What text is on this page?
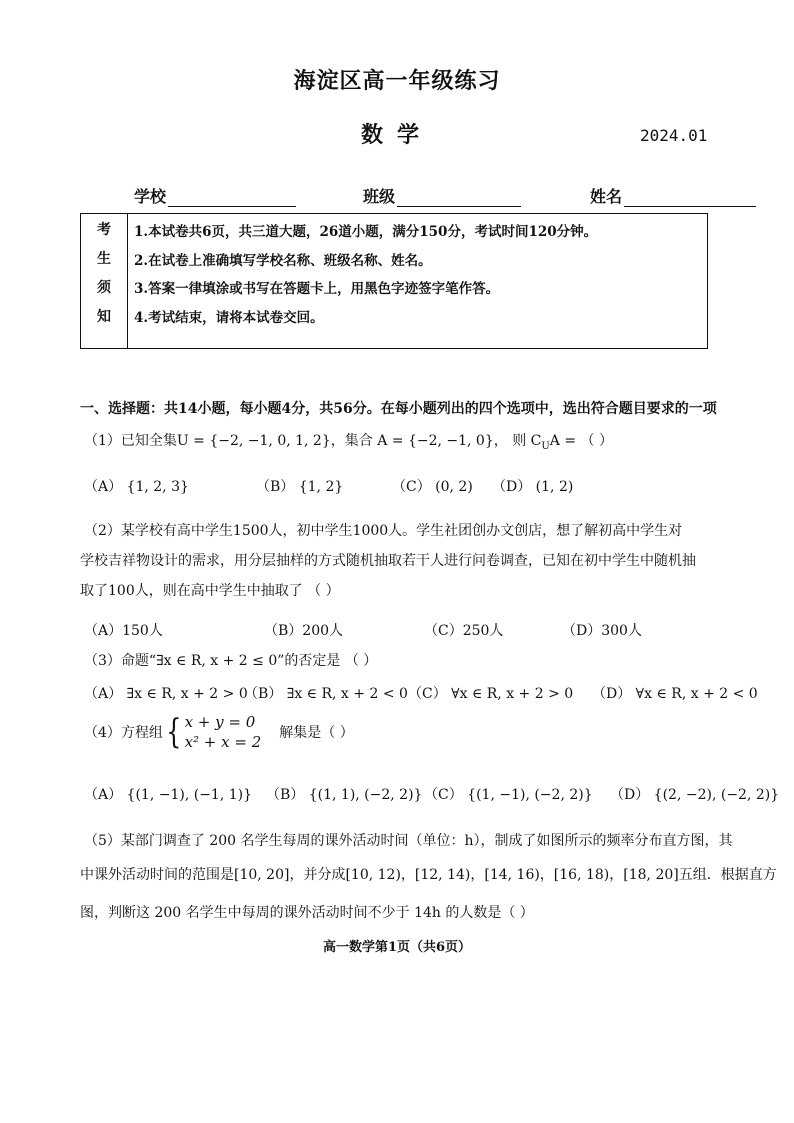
海淀区高一年级练习
数学	2024.01
学校	班级	姓名
考
生
须
知

1.本试卷共6页，共三道大题，26道小题，满分150分，考试时间120分钟。
2.在试卷上准确填写学校名称、班级名称、姓名。
3.答案一律填涂或书写在答题卡上，用黑色字迹签字笔作答。
4.考试结束，请将本试卷交回。
一、选择题：共14小题，每小题4分，共56分。在每小题列出的四个选项中，选出符合题目要求的一项
（1）已知全集U = {−2, −1, 0, 1, 2}，集合 A = {−2, −1, 0}， 则 $C_UA$ = （ ）
（A） {1, 2, 3}	（B） {1, 2}	（C） (0, 2) （D） (1, 2)
（2）某学校有高中学生1500人，初中学生1000人。学生社团创办文创店，想了解初高中学生对
学校吉祥物设计的需求，用分层抽样的方式随机抽取若干人进行问卷调查，已知在初中学生中随机抽
取了100人，则在高中学生中抽取了 （ ）
（A）150人	（B）200人	（C）250人	（D）300人
（3）命题“∃x ∈ R, x + 2 ≤ 0”的否定是 （ ）
（A） ∃x ∈ R, x + 2 > 0
（B） ∃x ∈ R, x + 2 < 0 （C） ∀x ∈ R, x + 2 > 0 （D） ∀x ∈ R, x + 2 < 0
（4）方程组{ x + y = 0
x² + x = 2 解集是（ ）
（A） {(1, −1), (−1, 1)} （B） {(1, 1), (−2, 2)} （C） {(1, −1), (−2, 2)} （D） {(2, −2), (−2, 2)}
（5）某部门调查了 200 名学生每周的课外活动时间（单位：h），制成了如图所示的频率分布直方图，其
中课外活动时间的范围是[10, 20]，并分成[10, 12)，[12, 14)，[14, 16)，[16, 18)，[18, 20]五组．根据直方
图，判断这 200 名学生中每周的课外活动时间不少于 14h 的人数是（ ）
高一数学第1页（共6页）
